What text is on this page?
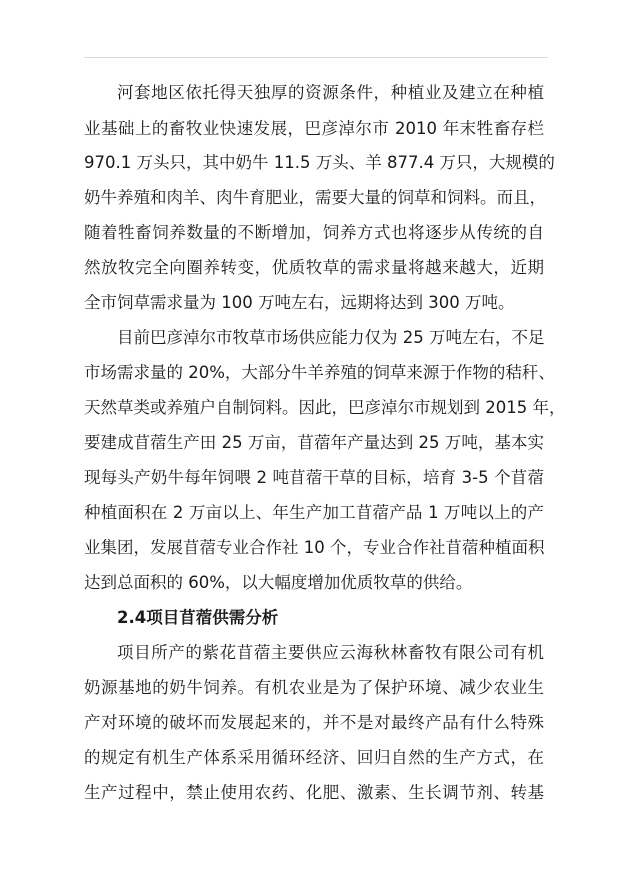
河套地区依托得天独厚的资源条件，种植业及建立在种植
业基础上的畜牧业快速发展，巴彦淖尔市 2010 年末牲畜存栏
970.1 万头只，其中奶牛 11.5 万头、羊 877.4 万只，大规模的
奶牛养殖和肉羊、肉牛育肥业，需要大量的饲草和饲料。而且，
随着牲畜饲养数量的不断增加，饲养方式也将逐步从传统的自
然放牧完全向圈养转变，优质牧草的需求量将越来越大，近期
全市饲草需求量为 100 万吨左右，远期将达到 300 万吨。
目前巴彦淖尔市牧草市场供应能力仅为 25 万吨左右，不足
市场需求量的 20%，大部分牛羊养殖的饲草来源于作物的秸秆、
天然草类或养殖户自制饲料。因此，巴彦淖尔市规划到 2015 年，
要建成苜蓿生产田 25 万亩，苜蓿年产量达到 25 万吨，基本实
现每头产奶牛每年饲喂 2 吨苜蓿干草的目标，培育 3-5 个苜蓿
种植面积在 2 万亩以上、年生产加工苜蓿产品 1 万吨以上的产
业集团，发展苜蓿专业合作社 10 个，专业合作社苜蓿种植面积
达到总面积的 60%，以大幅度增加优质牧草的供给。
2.4项目苜蓿供需分析
项目所产的紫花苜蓿主要供应云海秋林畜牧有限公司有机
奶源基地的奶牛饲养。有机农业是为了保护环境、减少农业生
产对环境的破坏而发展起来的，并不是对最终产品有什么特殊
的规定有机生产体系采用循环经济、回归自然的生产方式，在
生产过程中，禁止使用农药、化肥、激素、生长调节剂、转基
